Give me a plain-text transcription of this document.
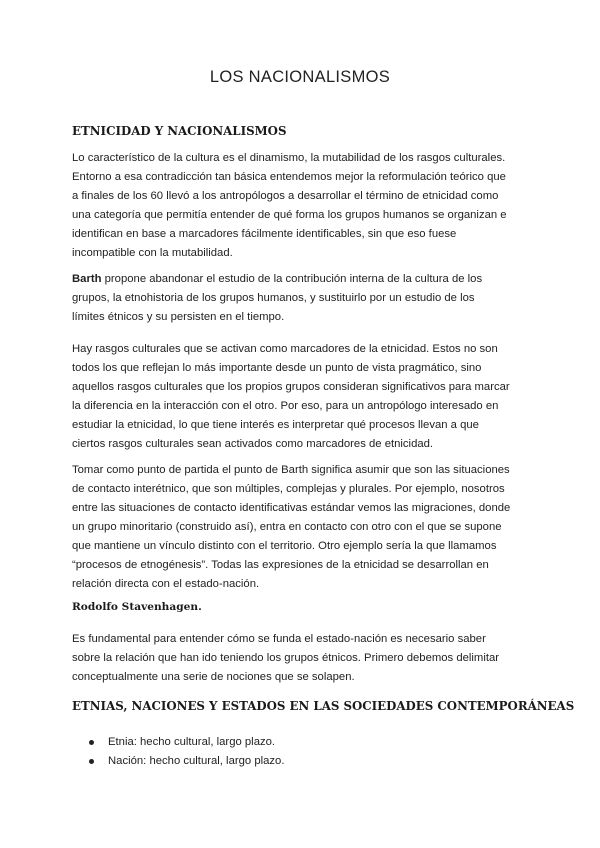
LOS NACIONALISMOS
ETNICIDAD Y NACIONALISMOS
Lo característico de la cultura es el dinamismo, la mutabilidad de los rasgos culturales.
Entorno a esa contradicción tan básica entendemos mejor la reformulación teórico que
a finales de los 60 llevó a los antropólogos a desarrollar el término de etnicidad como
una categoría que permitía entender de qué forma los grupos humanos se organizan e
identifican en base a marcadores fácilmente identificables, sin que eso fuese
incompatible con la mutabilidad.
Barth propone abandonar el estudio de la contribución interna de la cultura de los
grupos, la etnohistoria de los grupos humanos, y sustituirlo por un estudio de los
límites étnicos y su persisten en el tiempo.
Hay rasgos culturales que se activan como marcadores de la etnicidad. Estos no son
todos los que reflejan lo más importante desde un punto de vista pragmático, sino
aquellos rasgos culturales que los propios grupos consideran significativos para marcar
la diferencia en la interacción con el otro. Por eso, para un antropólogo interesado en
estudiar la etnicidad, lo que tiene interés es interpretar qué procesos llevan a que
ciertos rasgos culturales sean activados como marcadores de etnicidad.
Tomar como punto de partida el punto de Barth significa asumir que son las situaciones
de contacto interétnico, que son múltiples, complejas y plurales. Por ejemplo, nosotros
entre las situaciones de contacto identificativas estándar vemos las migraciones, donde
un grupo minoritario (construido así), entra en contacto con otro con el que se supone
que mantiene un vínculo distinto con el territorio. Otro ejemplo sería la que llamamos
“procesos de etnogénesis”. Todas las expresiones de la etnicidad se desarrollan en
relación directa con el estado-nación.
Rodolfo Stavenhagen.
Es fundamental para entender cómo se funda el estado-nación es necesario saber
sobre la relación que han ido teniendo los grupos étnicos. Primero debemos delimitar
conceptualmente una serie de nociones que se solapen.
ETNIAS, NACIONES Y ESTADOS EN LAS SOCIEDADES CONTEMPORÁNEAS
Etnia: hecho cultural, largo plazo.
Nación: hecho cultural, largo plazo.
